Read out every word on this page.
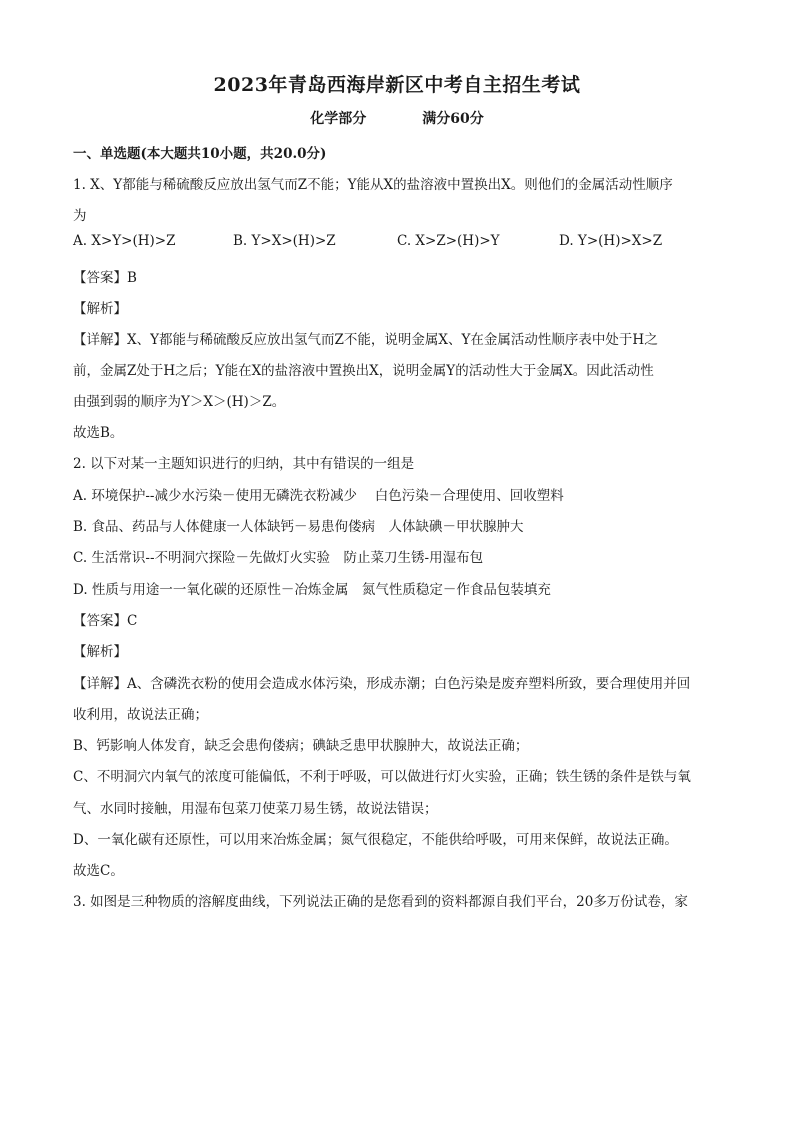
2023年青岛西海岸新区中考自主招生考试
化学部分	满分60分
一、单选题(本大题共10小题，共20.0分)
1. X、Y都能与稀硫酸反应放出氢气而Z不能；Y能从X的盐溶液中置换出X。则他们的金属活动性顺序
为
A. X>Y>(H)>Z	B. Y>X>(H)>Z	C. X>Z>(H)>Y	D. Y>(H)>X>Z
【答案】B
【解析】
【详解】X、Y都能与稀硫酸反应放出氢气而Z不能，说明金属X、Y在金属活动性顺序表中处于H之
前，金属Z处于H之后；Y能在X的盐溶液中置换出X，说明金属Y的活动性大于金属X。因此活动性
由强到弱的顺序为Y＞X＞(H)＞Z。
故选B。
2. 以下对某一主题知识进行的归纳，其中有错误的一组是
A. 环境保护--减少水污染－使用无磷洗衣粉减少　 白色污染－合理使用、回收塑料
B. 食品、药品与人体健康一人体缺钙－易患佝偻病　人体缺碘－甲状腺肿大
C. 生活常识--不明洞穴探险－先做灯火实验　防止菜刀生锈-用湿布包
D. 性质与用途一一氧化碳的还原性－冶炼金属　氮气性质稳定－作食品包装填充
【答案】C
【解析】
【详解】A、含磷洗衣粉的使用会造成水体污染，形成赤潮；白色污染是废弃塑料所致，要合理使用并回
收利用，故说法正确；
B、钙影响人体发育，缺乏会患佝偻病；碘缺乏患甲状腺肿大，故说法正确；
C、不明洞穴内氧气的浓度可能偏低，不利于呼吸，可以做进行灯火实验，正确；铁生锈的条件是铁与氧
气、水同时接触，用湿布包菜刀使菜刀易生锈，故说法错误；
D、一氧化碳有还原性，可以用来冶炼金属；氮气很稳定，不能供给呼吸，可用来保鲜，故说法正确。
故选C。
3. 如图是三种物质的溶解度曲线，下列说法正确的是您看到的资料都源自我们平台，20多万份试卷，家
